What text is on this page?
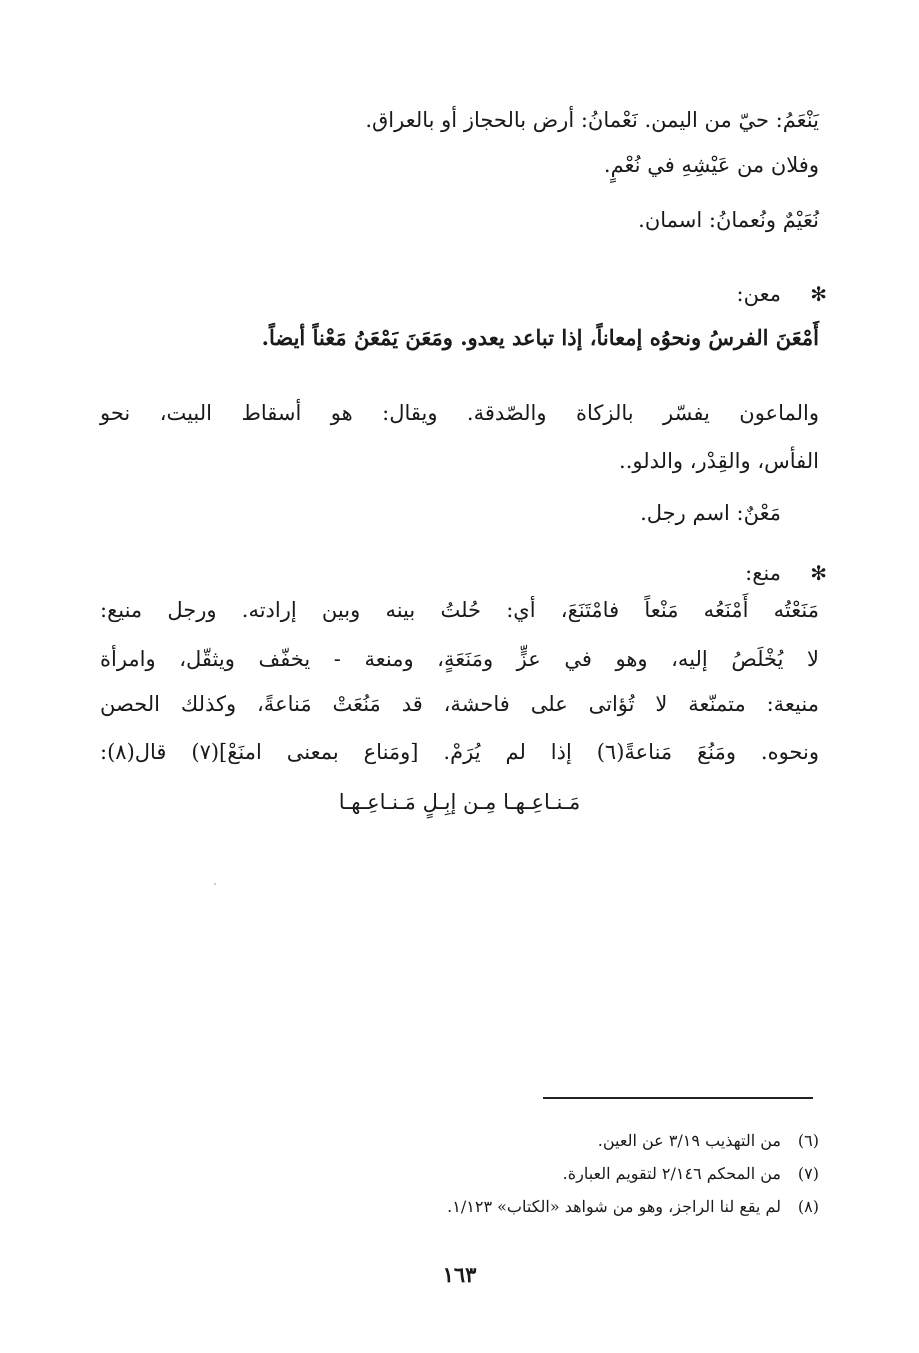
يَنْعَمُ: حيّ من اليمن. نَعْمانُ: أرض بالحجاز أو بالعراق.
وفلان من عَيْشِهِ في نُعْمٍ.
نُعَيْمٌ ونُعمانُ: اسمان.
✻
معن:
أَمْعَنَ الفرسُ ونحوُه إمعاناً، إذا تباعد يعدو. ومَعَنَ يَمْعَنُ مَعْناً أيضاً.
والماعون يفسّر بالزكاة والصّدقة. ويقال: هو أسقاط البيت، نحو
الفأس، والقِدْر، والدلو..
مَعْنٌ: اسم رجل.
✻
منع:
مَنَعْتُه أَمْنَعُه مَنْعاً فامْتَنَعَ، أي: حُلتُ بينه وبين إرادته. ورجل منيع:
لا يُخْلَصُ إليه، وهو في عزٍّ ومَنَعَةٍ، ومنعة - يخفّف ويثقّل، وامرأة
منيعة: متمنّعة لا تُؤاتى على فاحشة، قد مَنُعَتْ مَناعةً، وكذلك الحصن
ونحوه. ومَنُعَ مَناعةً(٦) إذا لم يُرَمْ. [ومَناع بمعنى امنَعْ](٧) قال(٨):
مَـنـاعِـهـا مِـن إبِـلٍ مَـنـاعِـهـا
(٦)من التهذيب ٣/١٩ عن العين.
(٧)من المحكم ٢/١٤٦ لتقويم العبارة.
(٨)لم يقع لنا الراجز، وهو من شواهد «الكتاب» ١/١٢٣.
١٦٣
